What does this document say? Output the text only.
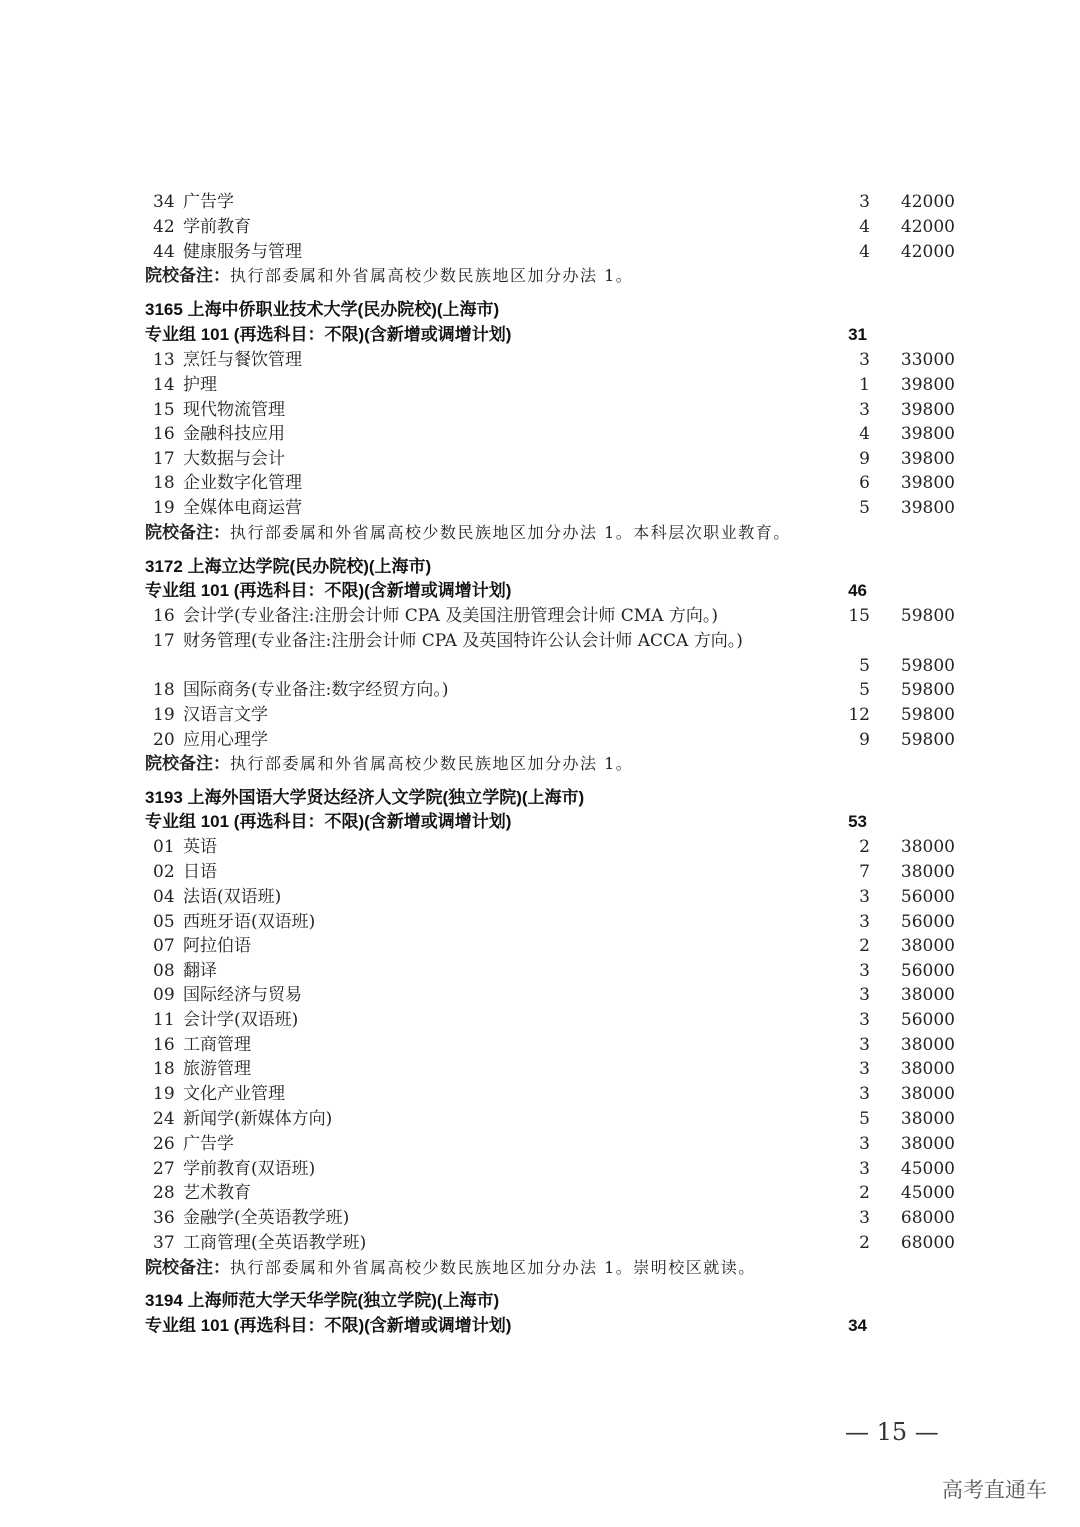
34 广告学	3	42000
42 学前教育	4	42000
44 健康服务与管理	4	42000
院校备注：执行部委属和外省属高校少数民族地区加分办法 1。
3165 上海中侨职业技术大学(民办院校)(上海市)
专业组 101 (再选科目：不限)(含新增或调增计划)	31
13 烹饪与餐饮管理	3	33000
14 护理	1	39800
15 现代物流管理	3	39800
16 金融科技应用	4	39800
17 大数据与会计	9	39800
18 企业数字化管理	6	39800
19 全媒体电商运营	5	39800
院校备注：执行部委属和外省属高校少数民族地区加分办法 1。本科层次职业教育。
3172 上海立达学院(民办院校)(上海市)
专业组 101 (再选科目：不限)(含新增或调增计划)	46
16 会计学(专业备注:注册会计师 CPA 及美国注册管理会计师 CMA 方向。)	15	59800
17 财务管理(专业备注:注册会计师 CPA 及英国特许公认会计师 ACCA 方向。)
5	59800
18 国际商务(专业备注:数字经贸方向。)	5	59800
19 汉语言文学	12	59800
20 应用心理学	9	59800
院校备注：执行部委属和外省属高校少数民族地区加分办法 1。
3193 上海外国语大学贤达经济人文学院(独立学院)(上海市)
专业组 101 (再选科目：不限)(含新增或调增计划)	53
01 英语	2	38000
02 日语	7	38000
04 法语(双语班)	3	56000
05 西班牙语(双语班)	3	56000
07 阿拉伯语	2	38000
08 翻译	3	56000
09 国际经济与贸易	3	38000
11 会计学(双语班)	3	56000
16 工商管理	3	38000
18 旅游管理	3	38000
19 文化产业管理	3	38000
24 新闻学(新媒体方向)	5	38000
26 广告学	3	38000
27 学前教育(双语班)	3	45000
28 艺术教育	2	45000
36 金融学(全英语教学班)	3	68000
37 工商管理(全英语教学班)	2	68000
院校备注：执行部委属和外省属高校少数民族地区加分办法 1。崇明校区就读。
3194 上海师范大学天华学院(独立学院)(上海市)
专业组 101 (再选科目：不限)(含新增或调增计划)	34
— 15 —
高考直通车
